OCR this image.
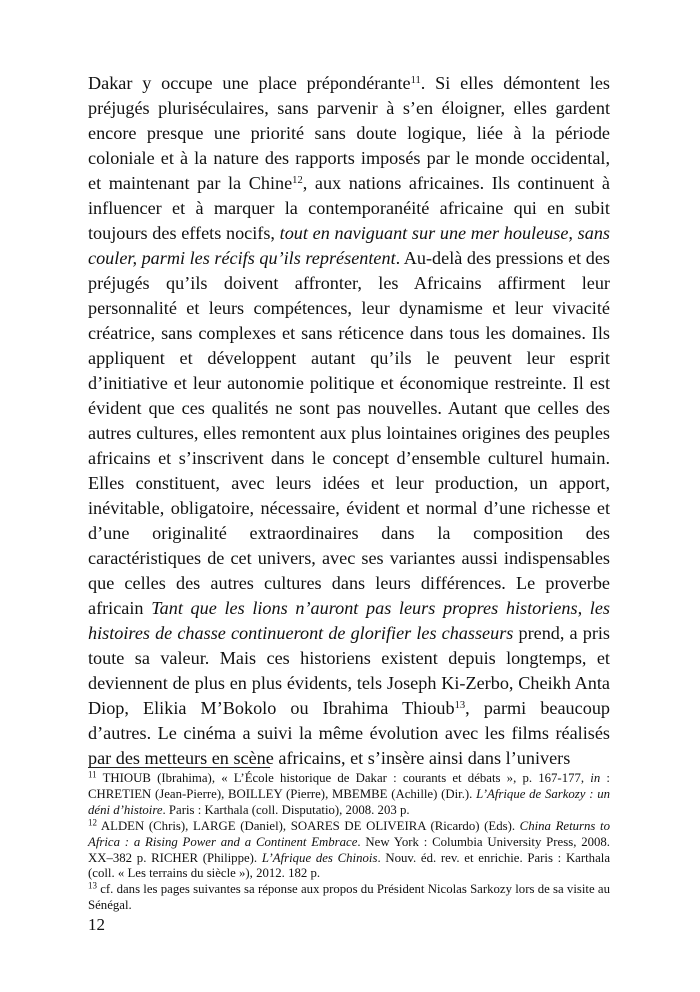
Dakar y occupe une place prépondérante$^{11}$. Si elles démontent les préjugés pluriséculaires, sans parvenir à s’en éloigner, elles gardent encore presque une priorité sans doute logique, liée à la période coloniale et à la nature des rapports imposés par le monde occidental, et maintenant par la Chine$^{12}$, aux nations africaines. Ils continuent à influencer et à marquer la contemporanéité africaine qui en subit toujours des effets nocifs, tout en naviguant sur une mer houleuse, sans couler, parmi les récifs qu’ils représentent. Au-delà des pressions et des préjugés qu’ils doivent affronter, les Africains affirment leur personnalité et leurs compétences, leur dynamisme et leur vivacité créatrice, sans complexes et sans réticence dans tous les domaines. Ils appliquent et développent autant qu’ils le peuvent leur esprit d’initiative et leur autonomie politique et économique restreinte. Il est évident que ces qualités ne sont pas nouvelles. Autant que celles des autres cultures, elles remontent aux plus lointaines origines des peuples africains et s’inscrivent dans le concept d’ensemble culturel humain. Elles constituent, avec leurs idées et leur production, un apport, inévitable, obligatoire, nécessaire, évident et normal d’une richesse et d’une originalité extraordinaires dans la composition des caractéristiques de cet univers, avec ses variantes aussi indispensables que celles des autres cultures dans leurs différences. Le proverbe africain Tant que les lions n’auront pas leurs propres historiens, les histoires de chasse continueront de glorifier les chasseurs prend, a pris toute sa valeur. Mais ces historiens existent depuis longtemps, et deviennent de plus en plus évidents, tels Joseph Ki-Zerbo, Cheikh Anta Diop, Elikia M’Bokolo ou Ibrahima Thioub$^{13}$, parmi beaucoup d’autres. Le cinéma a suivi la même évolution avec les films réalisés par des metteurs en scène africains, et s’insère ainsi dans l’univers

$^{11}$ THIOUB (Ibrahima), « L’École historique de Dakar : courants et débats », p. 167-177, in : CHRETIEN (Jean-Pierre), BOILLEY (Pierre), MBEMBE (Achille) (Dir.). L’Afrique de Sarkozy : un déni d’histoire. Paris : Karthala (coll. Disputatio), 2008. 203 p.

$^{12}$ ALDEN (Chris), LARGE (Daniel), SOARES DE OLIVEIRA (Ricardo) (Eds). China Returns to Africa : a Rising Power and a Continent Embrace. New York : Columbia University Press, 2008. XX–382 p. RICHER (Philippe). L’Afrique des Chinois. Nouv. éd. rev. et enrichie. Paris : Karthala (coll. « Les terrains du siècle »), 2012. 182 p.

$^{13}$ cf. dans les pages suivantes sa réponse aux propos du Président Nicolas Sarkozy lors de sa visite au Sénégal.

12
